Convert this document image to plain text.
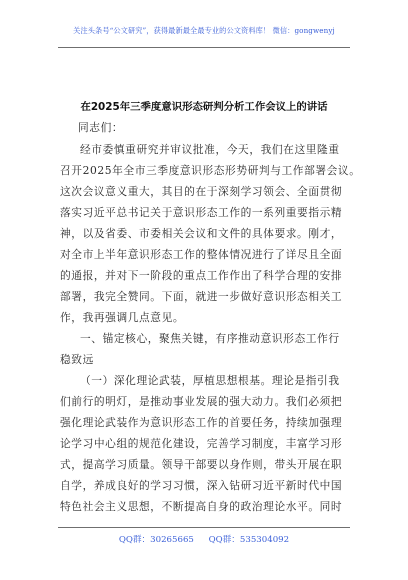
关注头条号“公文研究”，获得最新最全最专业的公文资料库！ 微信：gongwenyj
在2025年三季度意识形态研判分析工作会议上的讲话
同志们：
经市委慎重研究并审议批准，今天，我们在这里隆重
召开2025年全市三季度意识形态形势研判与工作部署会议。
这次会议意义重大，其目的在于深刻学习领会、全面贯彻
落实习近平总书记关于意识形态工作的一系列重要指示精
神，以及省委、市委相关会议和文件的具体要求。刚才，
对全市上半年意识形态工作的整体情况进行了详尽且全面
的通报，并对下一阶段的重点工作作出了科学合理的安排
部署，我完全赞同。下面，就进一步做好意识形态相关工
作，我再强调几点意见。
一、锚定核心，聚焦关键，有序推动意识形态工作行
稳致远
（一）深化理论武装，厚植思想根基。理论是指引我
们前行的明灯，是推动事业发展的强大动力。我们必须把
强化理论武装作为意识形态工作的首要任务，持续加强理
论学习中心组的规范化建设，完善学习制度，丰富学习形
式，提高学习质量。领导干部要以身作则，带头开展在职
自学，养成良好的学习习惯，深入钻研习近平新时代中国
特色社会主义思想，不断提高自身的政治理论水平。同时
QQ群：30265665 QQ群：535304092
